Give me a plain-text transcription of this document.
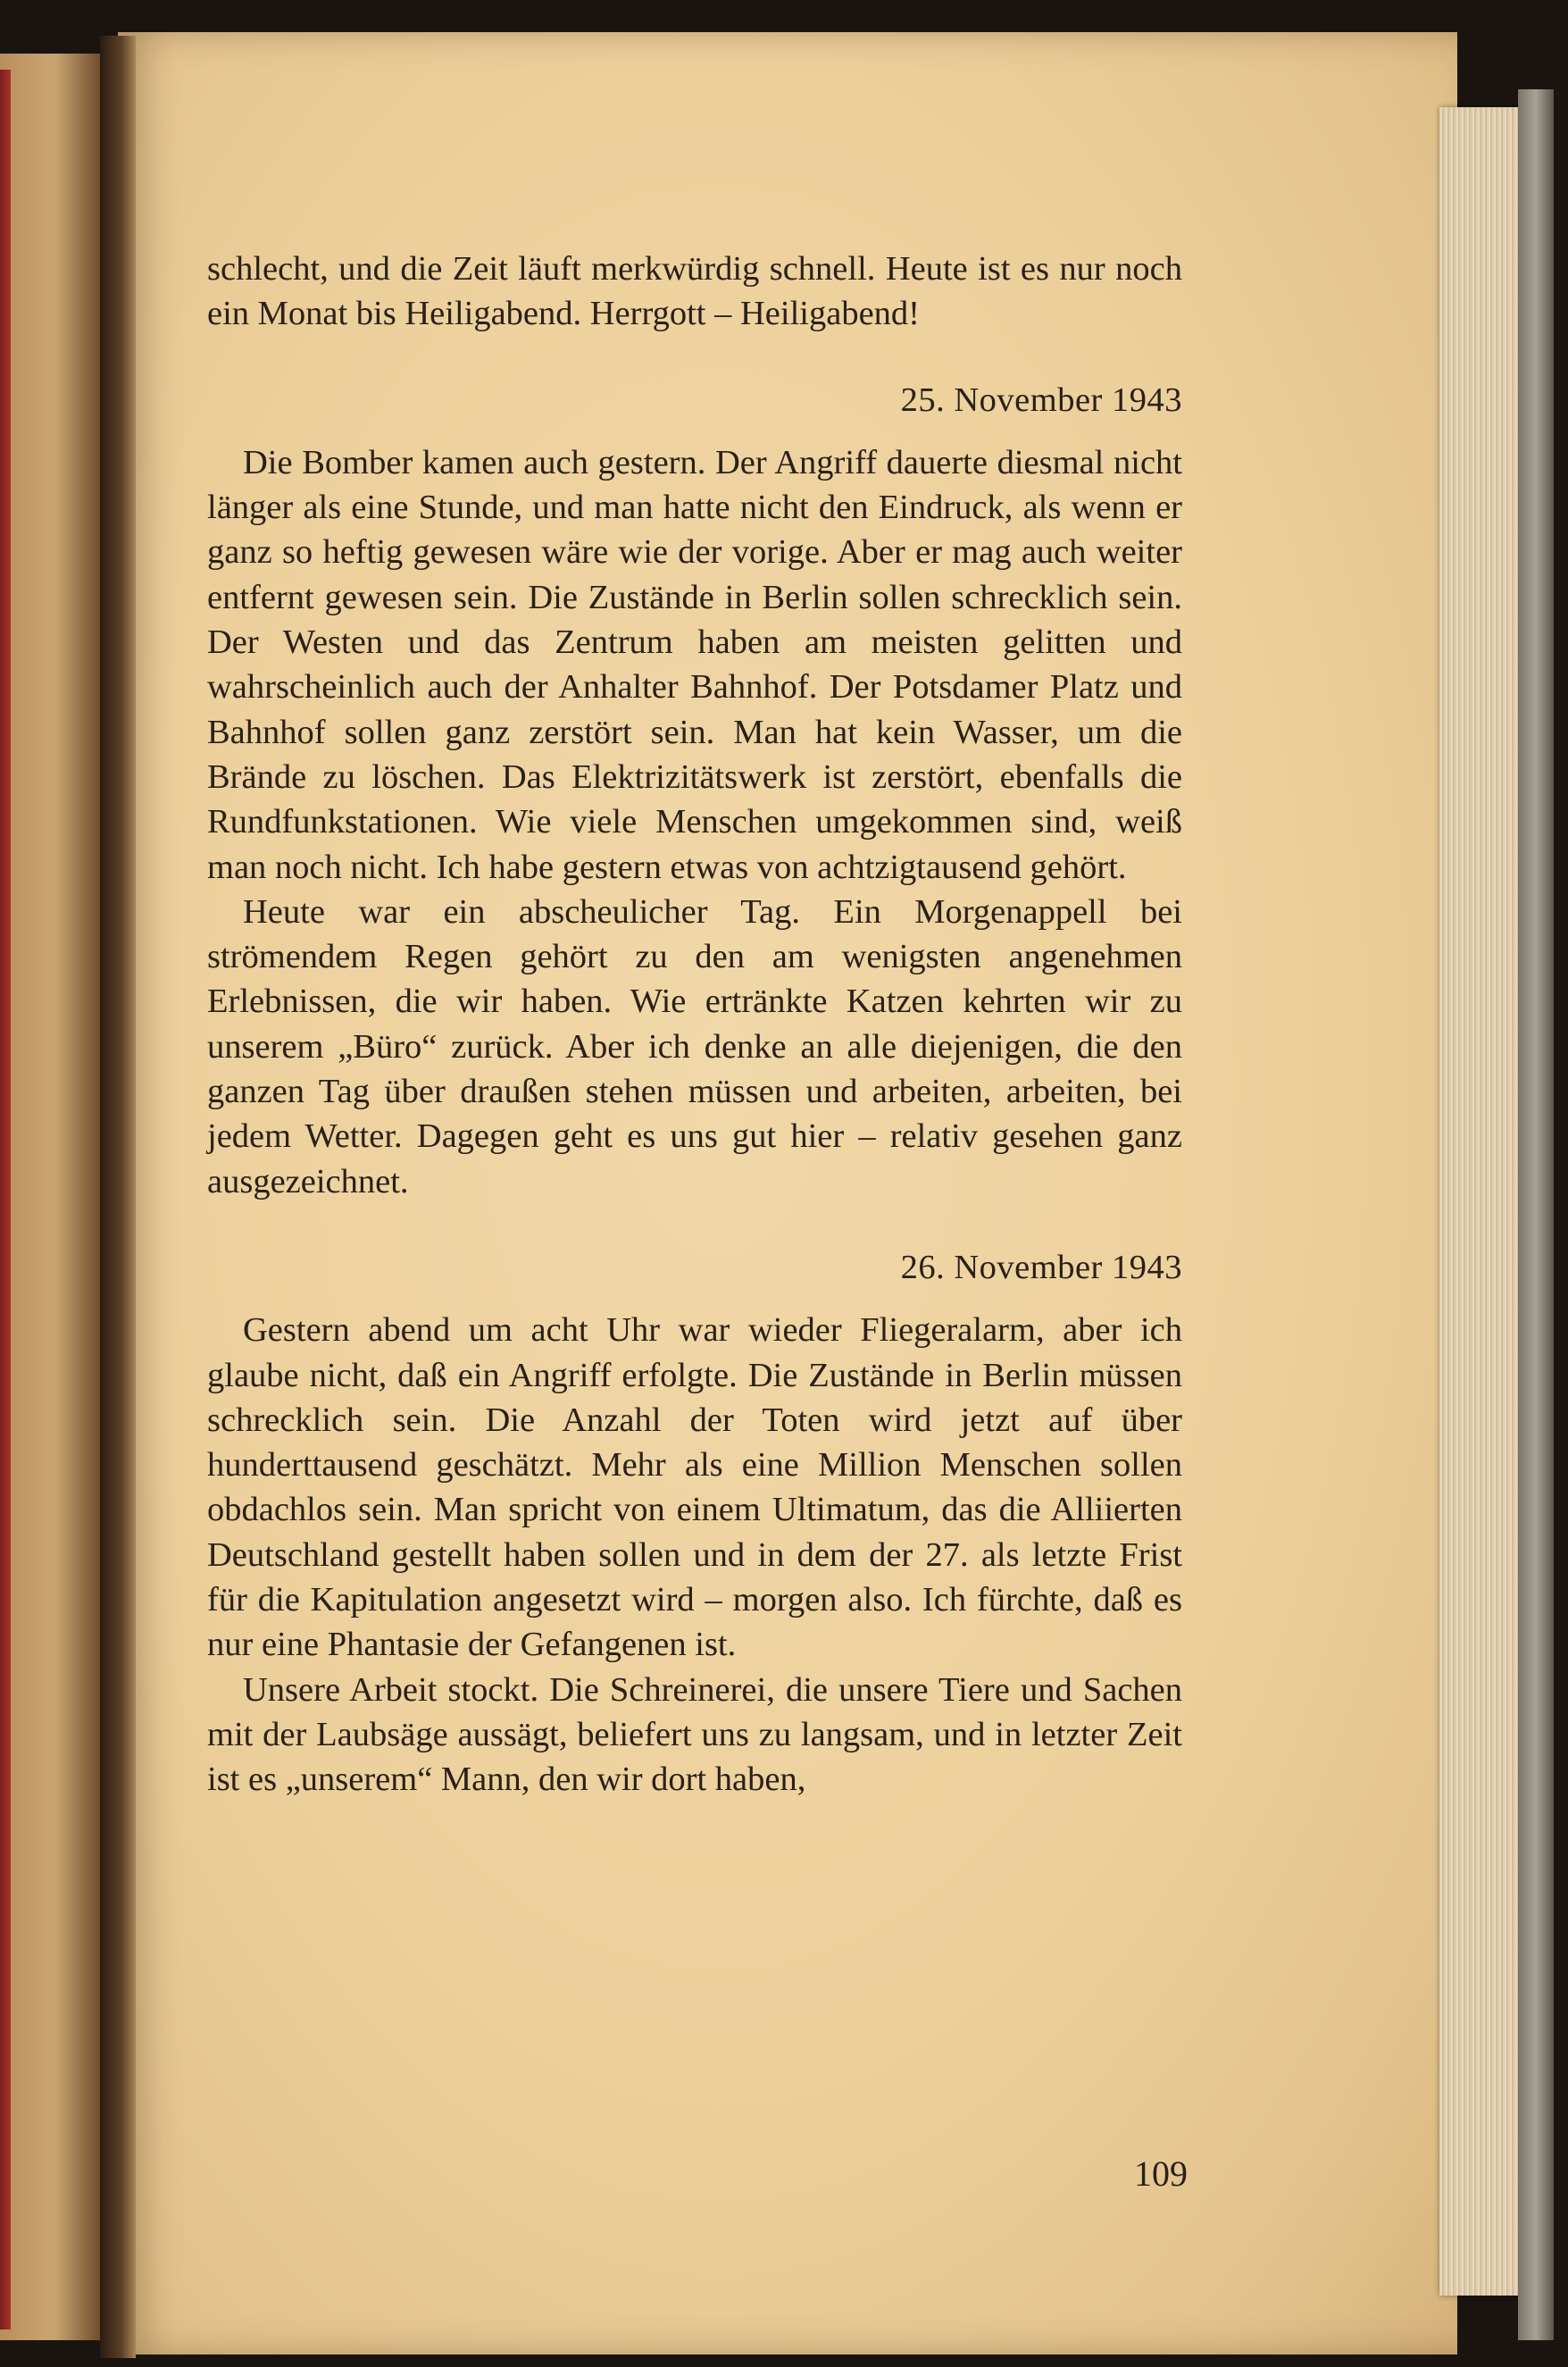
schlecht, und die Zeit läuft merkwürdig schnell. Heute ist es nur noch ein Monat bis Heiligabend. Herrgott – Heiligabend!

25. November 1943

Die Bomber kamen auch gestern. Der Angriff dauerte diesmal nicht länger als eine Stunde, und man hatte nicht den Eindruck, als wenn er ganz so heftig gewesen wäre wie der vorige. Aber er mag auch weiter entfernt gewesen sein. Die Zustände in Berlin sollen schrecklich sein. Der Westen und das Zentrum haben am meisten gelitten und wahrscheinlich auch der Anhalter Bahnhof. Der Potsdamer Platz und Bahnhof sollen ganz zerstört sein. Man hat kein Wasser, um die Brände zu löschen. Das Elektrizitätswerk ist zerstört, ebenfalls die Rundfunkstationen. Wie viele Menschen umgekommen sind, weiß man noch nicht. Ich habe gestern etwas von achtzigtausend gehört.

Heute war ein abscheulicher Tag. Ein Morgenappell bei strömendem Regen gehört zu den am wenigsten angenehmen Erlebnissen, die wir haben. Wie ertränkte Katzen kehrten wir zu unserem „Büro“ zurück. Aber ich denke an alle diejenigen, die den ganzen Tag über draußen stehen müssen und arbeiten, arbeiten, bei jedem Wetter. Dagegen geht es uns gut hier – relativ gesehen ganz ausgezeichnet.

26. November 1943

Gestern abend um acht Uhr war wieder Fliegeralarm, aber ich glaube nicht, daß ein Angriff erfolgte. Die Zustände in Berlin müssen schrecklich sein. Die Anzahl der Toten wird jetzt auf über hunderttausend geschätzt. Mehr als eine Million Menschen sollen obdachlos sein. Man spricht von einem Ultimatum, das die Alliierten Deutschland gestellt haben sollen und in dem der 27. als letzte Frist für die Kapitulation angesetzt wird – morgen also. Ich fürchte, daß es nur eine Phantasie der Gefangenen ist.

Unsere Arbeit stockt. Die Schreinerei, die unsere Tiere und Sachen mit der Laubsäge aussägt, beliefert uns zu langsam, und in letzter Zeit ist es „unserem“ Mann, den wir dort haben,

109
